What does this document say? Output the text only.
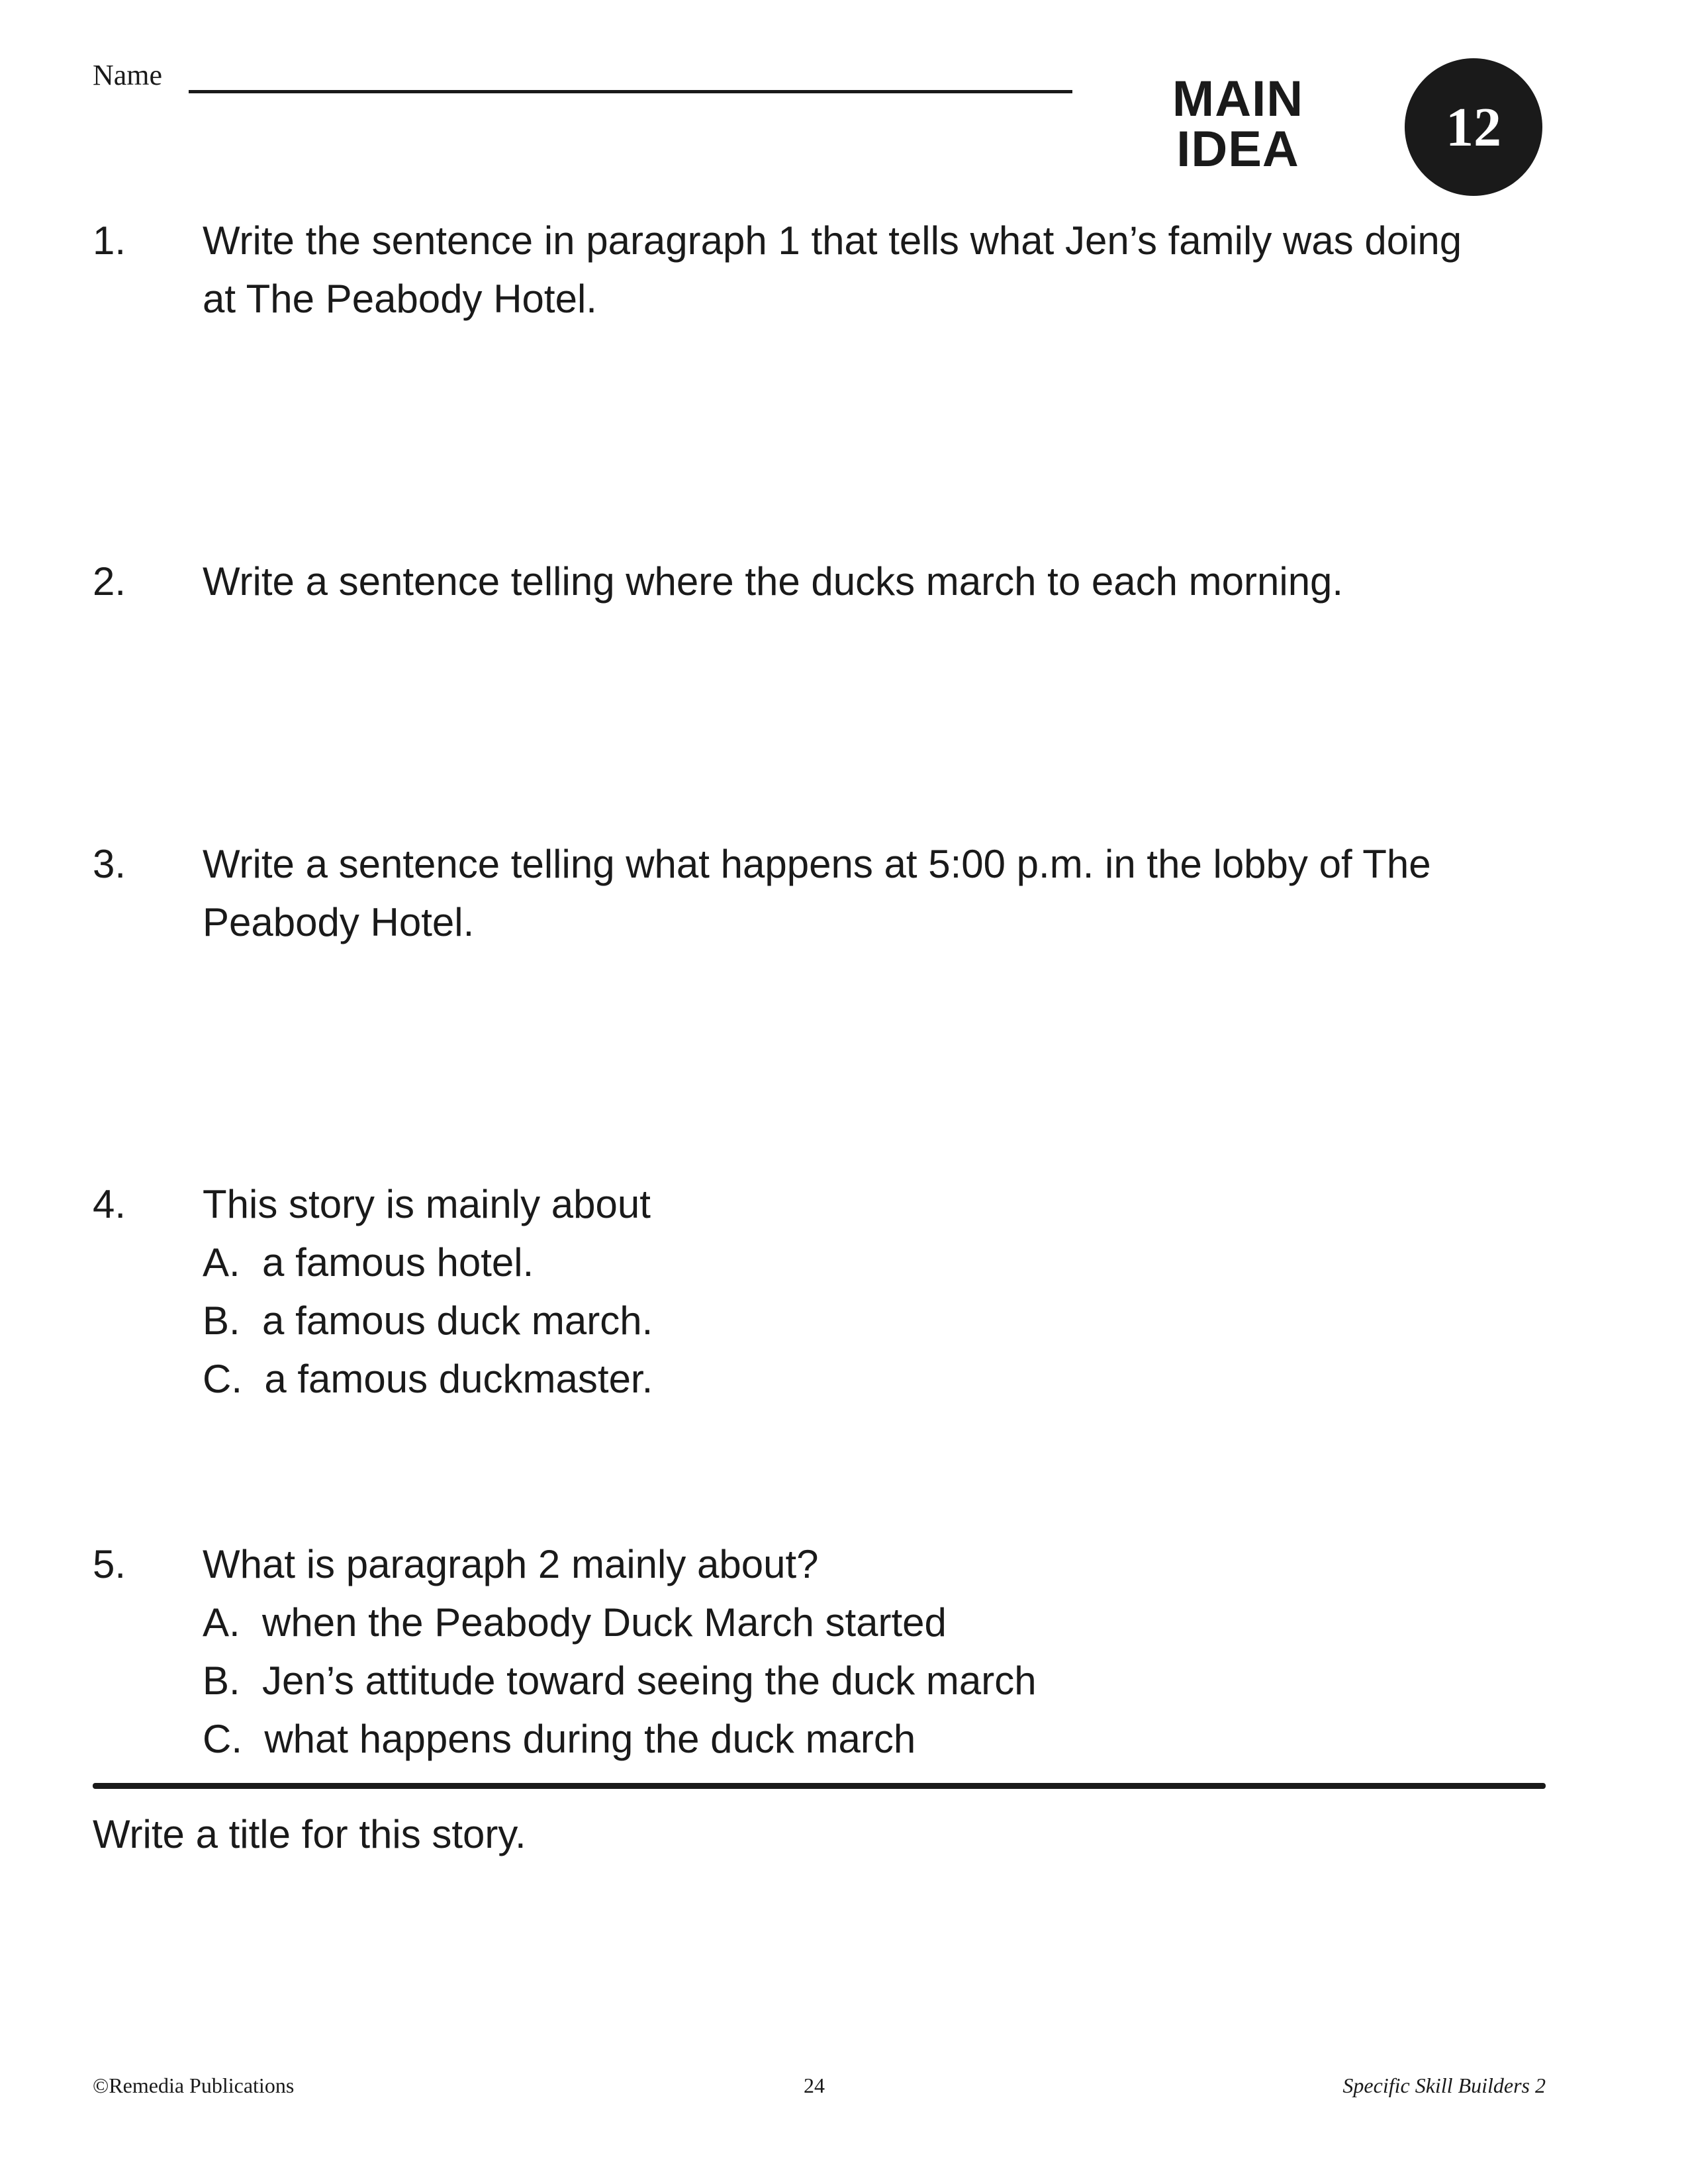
Name	MAIN
IDEA	12
1. Write the sentence in paragraph 1 that tells what Jen’s family was doing
at The Peabody Hotel.
2. Write a sentence telling where the ducks march to each morning.
3. Write a sentence telling what happens at 5:00 p.m. in the lobby of The
Peabody Hotel.
4. This story is mainly about
A.  a famous hotel.
B.  a famous duck march.
C.  a famous duckmaster.
5. What is paragraph 2 mainly about?
A.  when the Peabody Duck March started
B.  Jen’s attitude toward seeing the duck march
C.  what happens during the duck march
Write a title for this story.
©Remedia Publications	24	Specific Skill Builders 2
